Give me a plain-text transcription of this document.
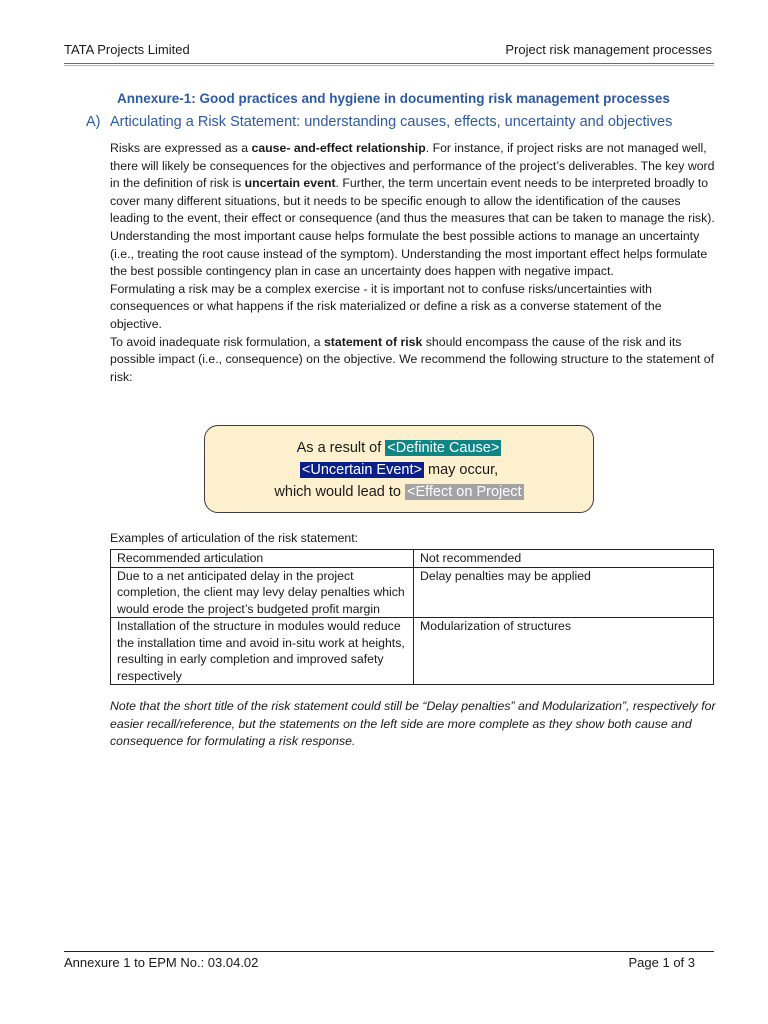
TATA Projects Limited	Project risk management processes
Annexure-1: Good practices and hygiene in documenting risk management processes
A) Articulating a Risk Statement: understanding causes, effects, uncertainty and objectives

Risks are expressed as a cause- and-effect relationship. For instance, if project risks are not managed well, there will likely be consequences for the objectives and performance of the project’s deliverables. The key word in the definition of risk is uncertain event. Further, the term uncertain event needs to be interpreted broadly to cover many different situations, but it needs to be specific enough to allow the identification of the causes leading to the event, their effect or consequence (and thus the measures that can be taken to manage the risk).

Understanding the most important cause helps formulate the best possible actions to manage an uncertainty (i.e., treating the root cause instead of the symptom). Understanding the most important effect helps formulate the best possible contingency plan in case an uncertainty does happen with negative impact.

Formulating a risk may be a complex exercise - it is important not to confuse risks/uncertainties with consequences or what happens if the risk materialized or define a risk as a converse statement of the objective.

To avoid inadequate risk formulation, a statement of risk should encompass the cause of the risk and its possible impact (i.e., consequence) on the objective. We recommend the following structure to the statement of risk:

As a result of <Definite Cause>
<Uncertain Event> may occur,
which would lead to <Effect on Project
Examples of articulation of the risk statement:
Recommended articulation	Not recommended
Due to a net anticipated delay in the project completion, the client may levy delay penalties which would erode the project’s budgeted profit margin	Delay penalties may be applied
Installation of the structure in modules would reduce the installation time and avoid in-situ work at heights, resulting in early completion and improved safety respectively	Modularization of structures
Note that the short title of the risk statement could still be “Delay penalties” and Modularization”, respectively for easier recall/reference, but the statements on the left side are more complete as they show both cause and consequence for formulating a risk response.
Annexure 1 to EPM No.: 03.04.02	Page 1 of 3
